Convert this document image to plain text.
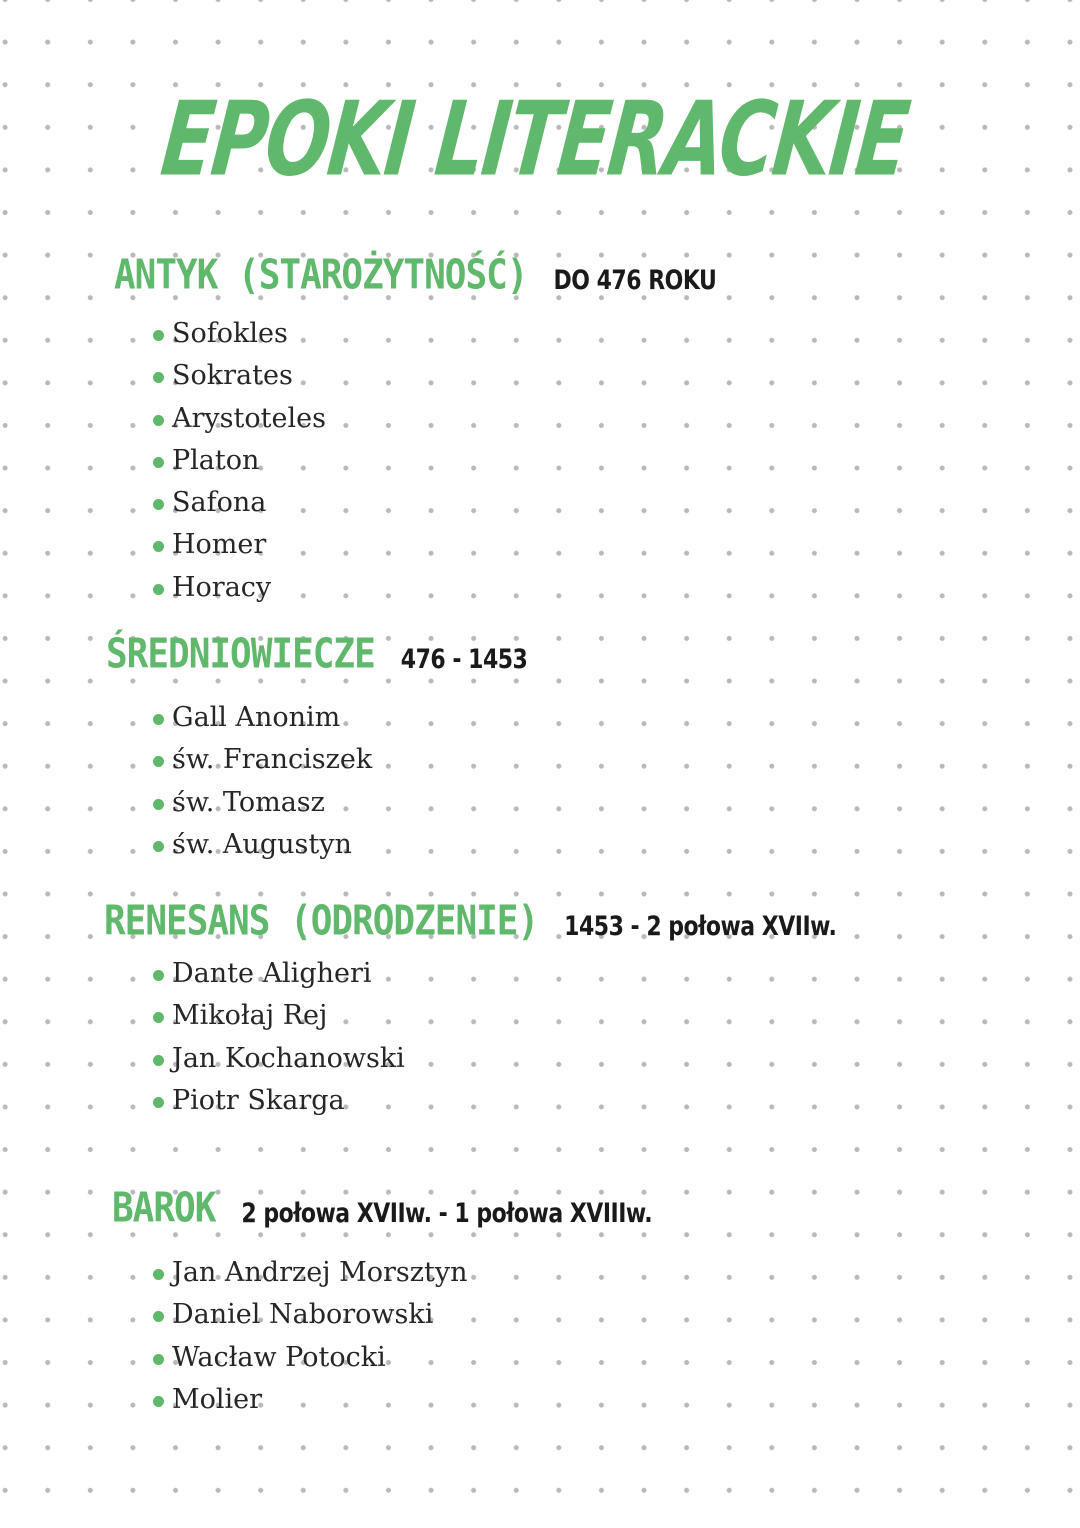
EPOKI LITERACKIE
ANTYK (STAROŻYTNOŚĆ) DO 476 ROKU
Sofokles
Sokrates
Arystoteles
Platon
Safona
Homer
Horacy
ŚREDNIOWIECZE 476 - 1453
Gall Anonim
św. Franciszek
św. Tomasz
św. Augustyn
RENESANS (ODRODZENIE) 1453 - 2 połowa XVIIw.
Dante Aligheri
Mikołaj Rej
Jan Kochanowski
Piotr Skarga
BAROK 2 połowa XVIIw. - 1 połowa XVIIIw.
Jan Andrzej Morsztyn
Daniel Naborowski
Wacław Potocki
Molier
